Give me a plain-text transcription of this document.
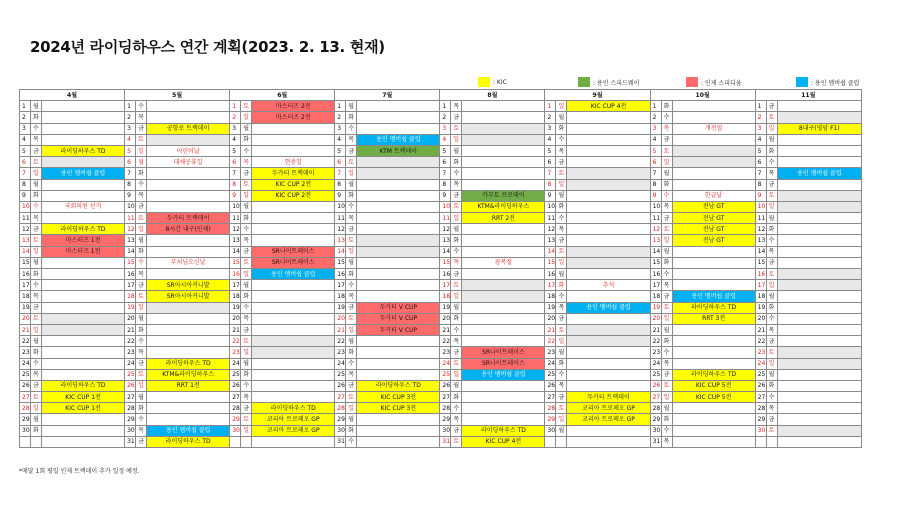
2024년 라이딩하우스 연간 계획(2023. 2. 13. 현재)
: KIC	: 용인 스피드웨이	: 인제 스피디움	: 용인 멤버쉽 클럽
4월			5월			6월			7월			8월			9월			10월			11월		
1	월		1	수		1	토	마스터즈 2전	1	월		1	목		1	일	KIC CUP 4전	1	화		1	금	
2	화		2	목		2	일	마스터즈 2전	2	화		2	금		2	월		2	수		2	토	
3	수		3	금	공항로 트랙데이	3	월		3	수		3	토		3	화		3	목	개천절	3	일	8내구(영암 F1)
4	목		4	토		4	화		4	목	용인 멤버쉽 클럽	4	일		4	수		4	금		4	월	
5	금	라이딩하우스 TD	5	일	어린이날	5	수		5	금	KTM 트랙데이	5	월		5	목		5	토		5	화	
6	토		6	월	대체공휴일	6	목	현충일	6	토		6	화		6	금		6	일		6	수	
7	일	용인 멤버쉽 클럽	7	화		7	금	두카티 트랙데이	7	일		7	수		7	토		7	월		7	목	용인 멤버쉽 클럽
8	월		8	수		8	토	KIC CUP 2전	8	월		8	목		8	일		8	화		8	금	
9	화		9	목		9	일	KIC CUP 2전	9	화		9	금	카부토 프로데이	9	월		9	수	한글날	9	토	
10	수	국회의원 선거	10	금		10	월		10	수		10	토	KTM&라이딩하우스	10	화		10	목	전남 GT	10	일	
11	목		11	토	두카티 트랙데이	11	화		11	목		11	일	RRT 2전	11	수		11	금	전남 GT	11	월	
12	금	라이딩하우스 TD	12	일	8시간 내구(인제)	12	수		12	금		12	월		12	목		12	토	전남 GT	12	화	
13	토	마스터즈 1전	13	월		13	목		13	토		13	화		13	금		13	일	전남 GT	13	수	
14	일	마스터즈 1전	14	화		14	금	SR나이트레이스	14	일		14	수		14	토		14	월		14	목	
15	월		15	수	부처님오신날	15	토	SR나이트레이스	15	월		15	목	광복절	15	일		15	화		15	금	
16	화		16	목		16	일	용인 멤버쉽 클럽	16	화		16	금		16	월		16	수		16	토	
17	수		17	금	SR아시아커니발	17	월		17	수		17	토		17	화	추석	17	목		17	일	
18	목		18	토	SR아시아커니발	18	화		18	목		18	일		18	수		18	금	용인 멤버쉽 클럽	18	월	
19	금		19	일		19	수		19	금	두카티 V CUP	19	월		19	목	용인 멤버쉽 클럽	19	토	라이딩하우스 TD	19	화	
20	토		20	월		20	목		20	토	두카티 V CUP	20	화		20	금		20	일	RRT 3전	20	수	
21	일		21	화		21	금		21	일	두카티 V CUP	21	수		21	토		21	월		21	목	
22	월		22	수		22	토		22	월		22	목		22	일		22	화		22	금	
23	화		23	목		23	일		23	화		23	금	SR나이트레이스	23	월		23	수		23	토	
24	수		24	금	라이딩하우스 TD	24	월		24	수		24	토	SR나이트레이스	24	화		24	목		24	일	
25	목		25	토	KTM&라이딩하우스	25	화		25	목		25	일	용인 멤버쉽 클럽	25	수		25	금	라이딩하우스 TD	25	월	
26	금	라이딩하우스 TD	26	일	RRT 1전	26	수		26	금	라이딩하우스 TD	26	월		26	목		26	토	KIC CUP 5전	26	화	
27	토	KIC CUP 1전	27	월		27	목		27	토	KIC CUP 3전	27	화		27	금	두카티 트랙데이	27	일	KIC CUP 5전	27	수	
28	일	KIC CUP 1전	28	화		28	금	라이딩하우스 TD	28	일	KIC CUP 3전	28	수		28	토	코리아 트로페오 GP	28	월		28	목	
29	월		29	수		29	토	코리아 트로페오 GP	29	월		29	목		29	일	코리아 트로페오 GP	29	화		29	금	
30	화		30	목	용인 멤버쉽 클럽	30	일	코리아 트로페오 GP	30	화		30	금	라이딩하우스 TD	30	월		30	수		30	토	
			31	금	라이딩하우스 TD				31	수		31	토	KIC CUP 4전				31	목				
*매달 1회 평일 인제 트랙데이 추가 일정 예정.
